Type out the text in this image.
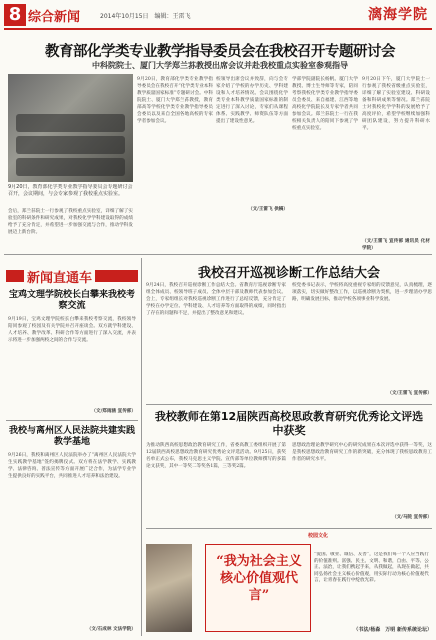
8 综合新闻	2014年10月15日　编辑：王雷飞	漓海学院
教育部化学类专业教学指导委员会在我校召开专题研讨会
中科院院士、厦门大学郑兰荪教授出席会议并赴我校重点实验室参观指导
9月20日，教育部化学类专业教学指导委员会专题研讨会召开，会议期间，与会专家参观了我校重点实验室。
9月20日，教育部化学类专业教学指导委员会在我校召开“化学类专业本科教学质量国家标准”专题研讨会。中科院院士、厦门大学郑兰荪教授，教育部高等学校化学类专业教学指导委员会委员以及来自全国各地高校的专家学者参加会议。
校领导出席会议并致辞，向与会专家介绍了学校的办学历史、学科建设和人才培养情况。会议围绕化学类专业本科教学质量国家标准的制定进行了深入讨论，专家们从课程体系、实践教学、师资队伍等方面提出了建设性意见。
会后，郑兰荪院士一行参观了我校重点实验室，详细了解了实验室的科研条件和研究成果，对我校化学学科建设取得的成绩给予了充分肯定，并希望进一步加强交流与合作，推动学科发展迈上新台阶。
（文/王雷飞 供稿）
学部学院副院长杨帆、厦门大学教授、博士生导师等专家，陪同考察我校化学类专业教学指导委员会委员、来自福建、江西等地高校化学院院长及专家学者共同参加会议。郑兰荪院士一行在我校相关负责人的陪同下参观了学校重点实验室。
9月20日下午，厦门大学院士一行参观了我校省级重点实验室，详细了解了实验室建设、科研设备和科研成果等情况。郑兰荪院士对我校化学学科的发展给予了高度评价，希望学校继续加强科研团队建设，努力提升科研水平。
（文/王雷飞 宣传部 通讯员 化材学院）
新闻直通车
宝鸡文理学院校长白攀来我校考察交流
9月19日，宝鸡文理学院校长白攀来我校考察交流，我校领导陪同参观了校园及有关学院并召开座谈会。双方就学科建设、人才培养、教学改革、科研合作等方面进行了深入交流，并表示将进一步加强两校之间的合作与交流。
（文/郑雨涵 宣传部）
我校与离州区人民法院共建实践教学基地
9月26日，我校和离州区人民法院举办了“离州区人民法院大学生实践教学基地”签约揭牌仪式。双方将在法学教学、实践教学、法律咨询、普法宣传等方面开展广泛合作，为法学专业学生提供良好的实践平台，共同推进人才培养和法治建设。
（文/石成林 文法学院）
我校召开巡视诊断工作总结大会
9月24日，我校召开巡视诊断工作总结大会。省教育厅巡视诊断专家组全体成员、校领导班子成员、全体中层干部及教师代表参加会议。会上，专家组组长对我校巡视诊断工作进行了总结反馈，充分肯定了学校在办学定位、学科建设、人才培养等方面取得的成绩，同时指出了存在的问题和不足，并提出了整改意见和建议。
校党委书记表示，学校将高度重视专家组的反馈意见，认真梳理，逐项落实，切实做好整改工作，以巡视诊断为契机，进一步理清办学思路，明确发展目标，推动学校各项事业科学发展。
（文/王雷飞 宣传部）
我校教师在第12届陕西高校思政教育研究优秀论文评选中获奖
为推动陕西高校思想政治教育研究工作，省委高教工委组织开展了第12届陕西高校思想政治教育研究优秀论文评选活动。9月25日，获奖名单正式公布，我校马克思主义学院、宣传部等单位教师撰写的多篇论文获奖，其中一等奖二等奖各1篇，三等奖2篇。
思想政治理论教学研究中心的研究成果在本次评选中获得一等奖，这是我校思想政治教育研究工作的新突破，充分体现了我校思政教育工作者的研究水平。
（文/马院 宣传部）
校园文化
“我为社会主义核心价值观代言”
“爱国、敬业、诚信、友善”，这是我们每一个人应当践行的价值准则。富强、民主、文明、和谐，自由、平等、公正、法治，让我们携起手来，从我做起，从现在做起，共同弘扬社会主义核心价值观，用实际行动为核心价值观代言，让青春在践行中绽放光彩。
（书法/杨森　万明 新传系统论坛）
